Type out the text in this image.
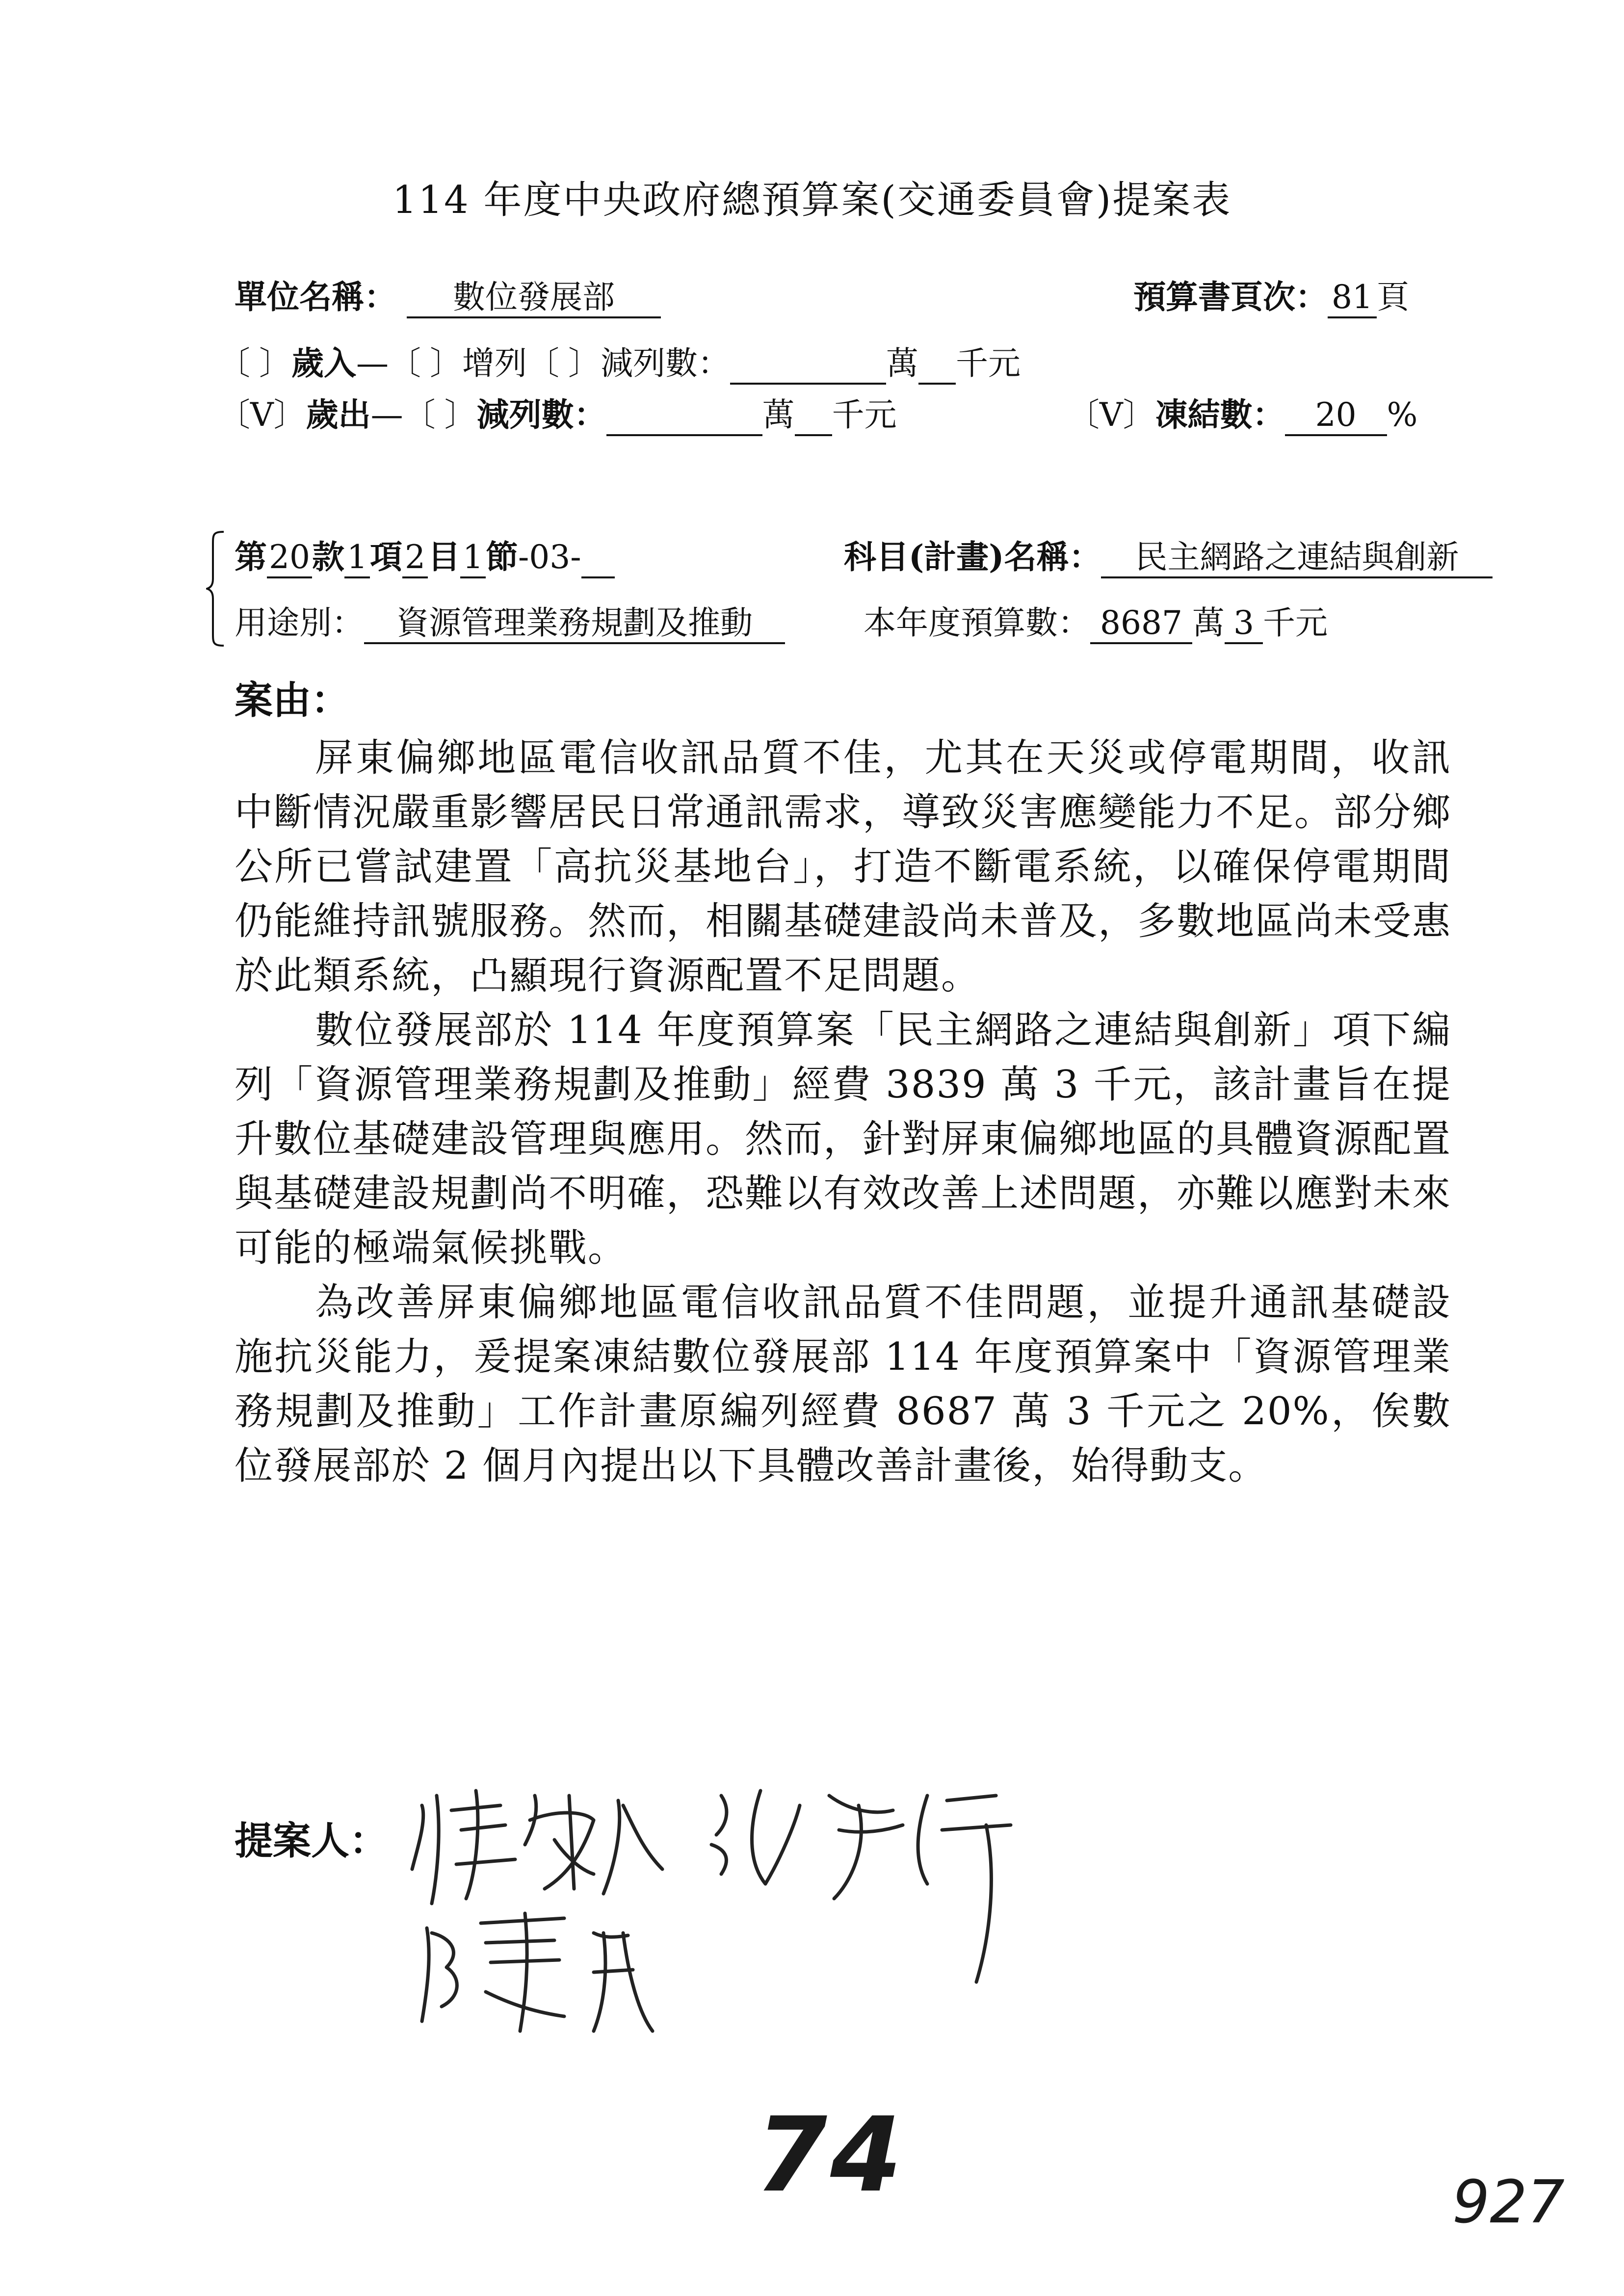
114 年度中央政府總預算案(交通委員會)提案表
單位名稱： 數位發展部	預算書頁次： 81 頁
〔 〕歲入—〔 〕增列〔 〕減列數：	萬 千元
〔V〕歲出—〔 〕減列數：	萬 千元	〔V〕凍結數： 20 %
第20款1項2目1節-03-	科目(計畫)名稱： 民主網路之連結與創新
用途別： 資源管理業務規劃及推動	本年度預算數： 8687 萬 3 千元
案由：

屏東偏鄉地區電信收訊品質不佳，尤其在天災或停電期間，收訊中斷情況嚴重影響居民日常通訊需求，導致災害應變能力不足。部分鄉公所已嘗試建置「高抗災基地台」，打造不斷電系統，以確保停電期間仍能維持訊號服務。然而，相關基礎建設尚未普及，多數地區尚未受惠於此類系統，凸顯現行資源配置不足問題。

數位發展部於 114 年度預算案「民主網路之連結與創新」項下編列「資源管理業務規劃及推動」經費 3839 萬 3 千元，該計畫旨在提升數位基礎建設管理與應用。然而，針對屏東偏鄉地區的具體資源配置與基礎建設規劃尚不明確，恐難以有效改善上述問題，亦難以應對未來可能的極端氣候挑戰。

為改善屏東偏鄉地區電信收訊品質不佳問題，並提升通訊基礎設施抗災能力，爰提案凍結數位發展部 114 年度預算案中「資源管理業務規劃及推動」工作計畫原編列經費 8687 萬 3 千元之 20%，俟數位發展部於 2 個月內提出以下具體改善計畫後，始得動支。

提案人：
74	927
